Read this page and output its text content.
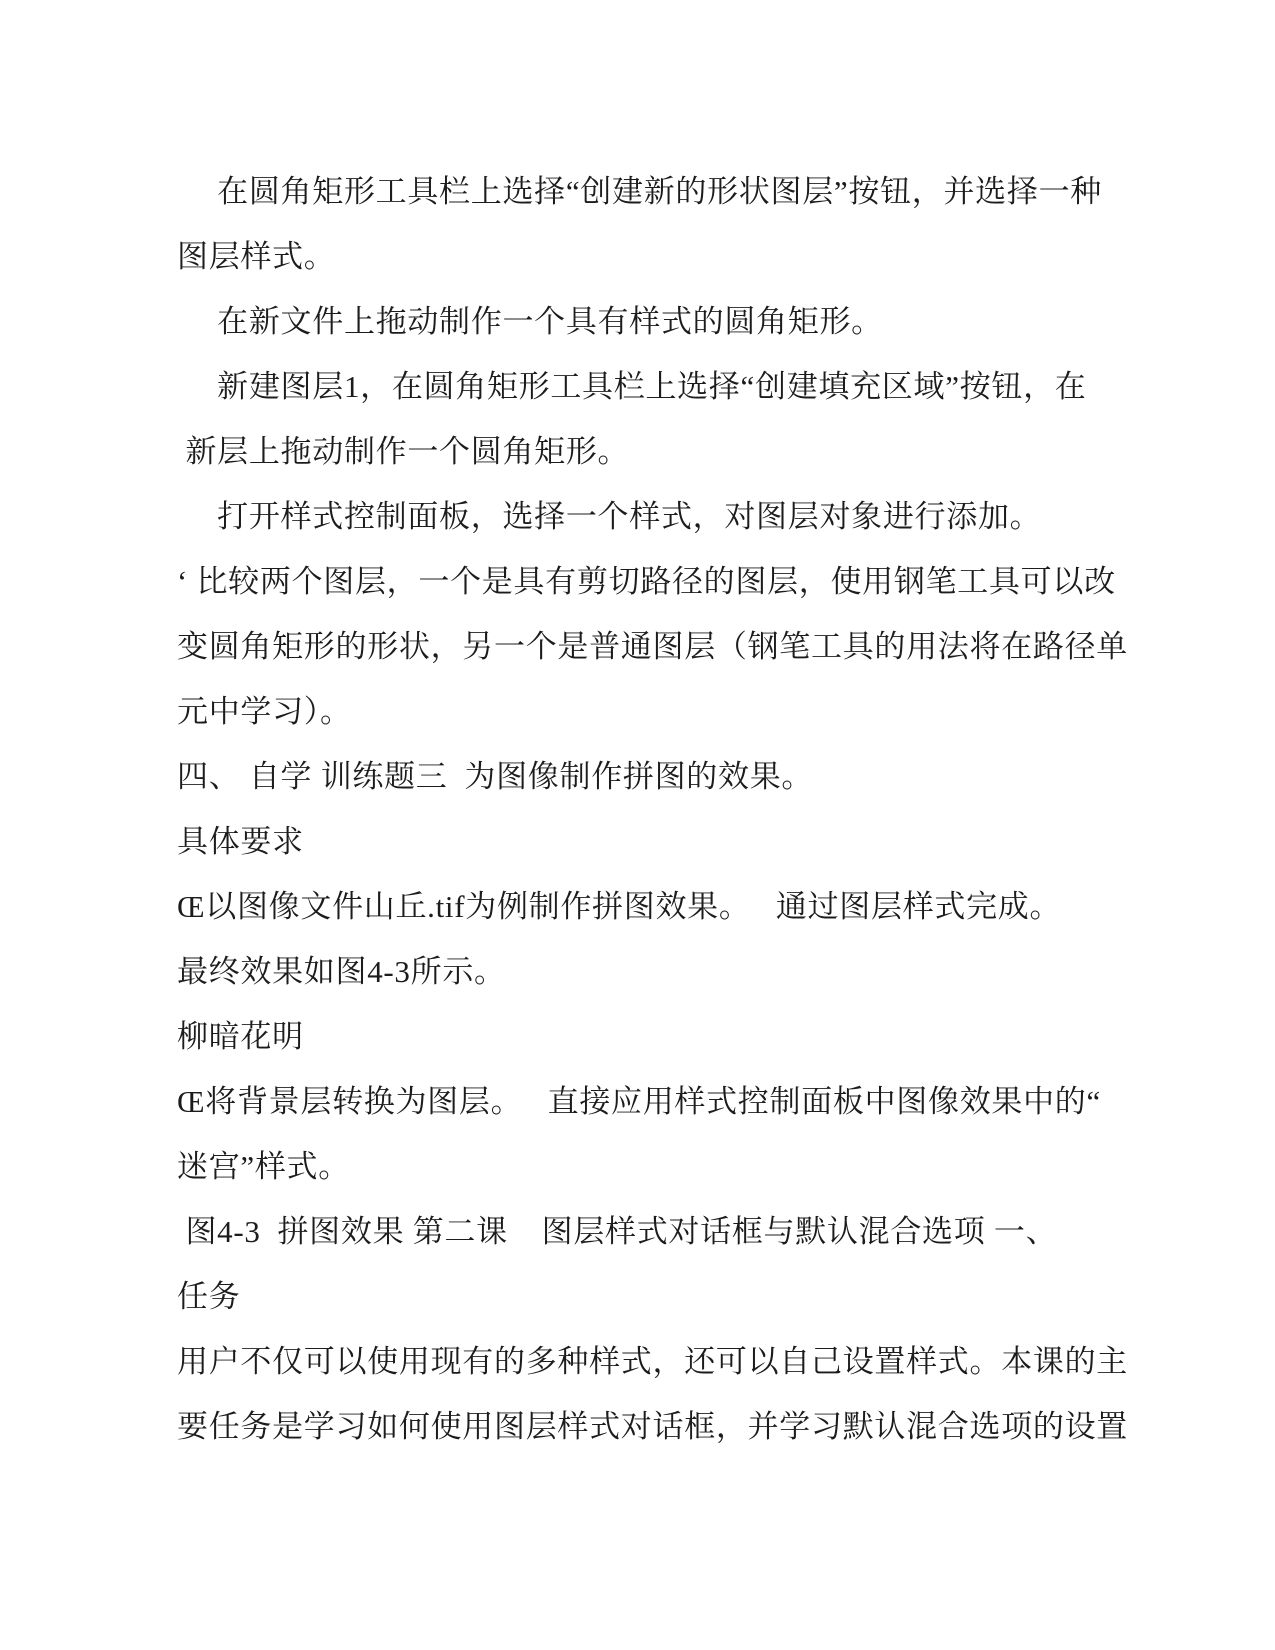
　 在圆角矩形工具栏上选择“创建新的形状图层”按钮，并选择一种
图层样式。
　 在新文件上拖动制作一个具有样式的圆角矩形。
　 新建图层1，在圆角矩形工具栏上选择“创建填充区域”按钮，在
新层上拖动制作一个圆角矩形。
　 打开样式控制面板，选择一个样式，对图层对象进行添加。
‘ 比较两个图层，一个是具有剪切路径的图层，使用钢笔工具可以改
变圆角矩形的形状，另一个是普通图层（钢笔工具的用法将在路径单
元中学习）。
四、 自学 训练题三  为图像制作拼图的效果。
具体要求
Œ以图像文件山丘.tif为例制作拼图效果。   通过图层样式完成。
最终效果如图4-3所示。
柳暗花明
Œ将背景层转换为图层。   直接应用样式控制面板中图像效果中的“
迷宫”样式。
图4-3  拼图效果 第二课    图层样式对话框与默认混合选项 一、
任务
用户不仅可以使用现有的多种样式，还可以自己设置样式。本课的主
要任务是学习如何使用图层样式对话框，并学习默认混合选项的设置
